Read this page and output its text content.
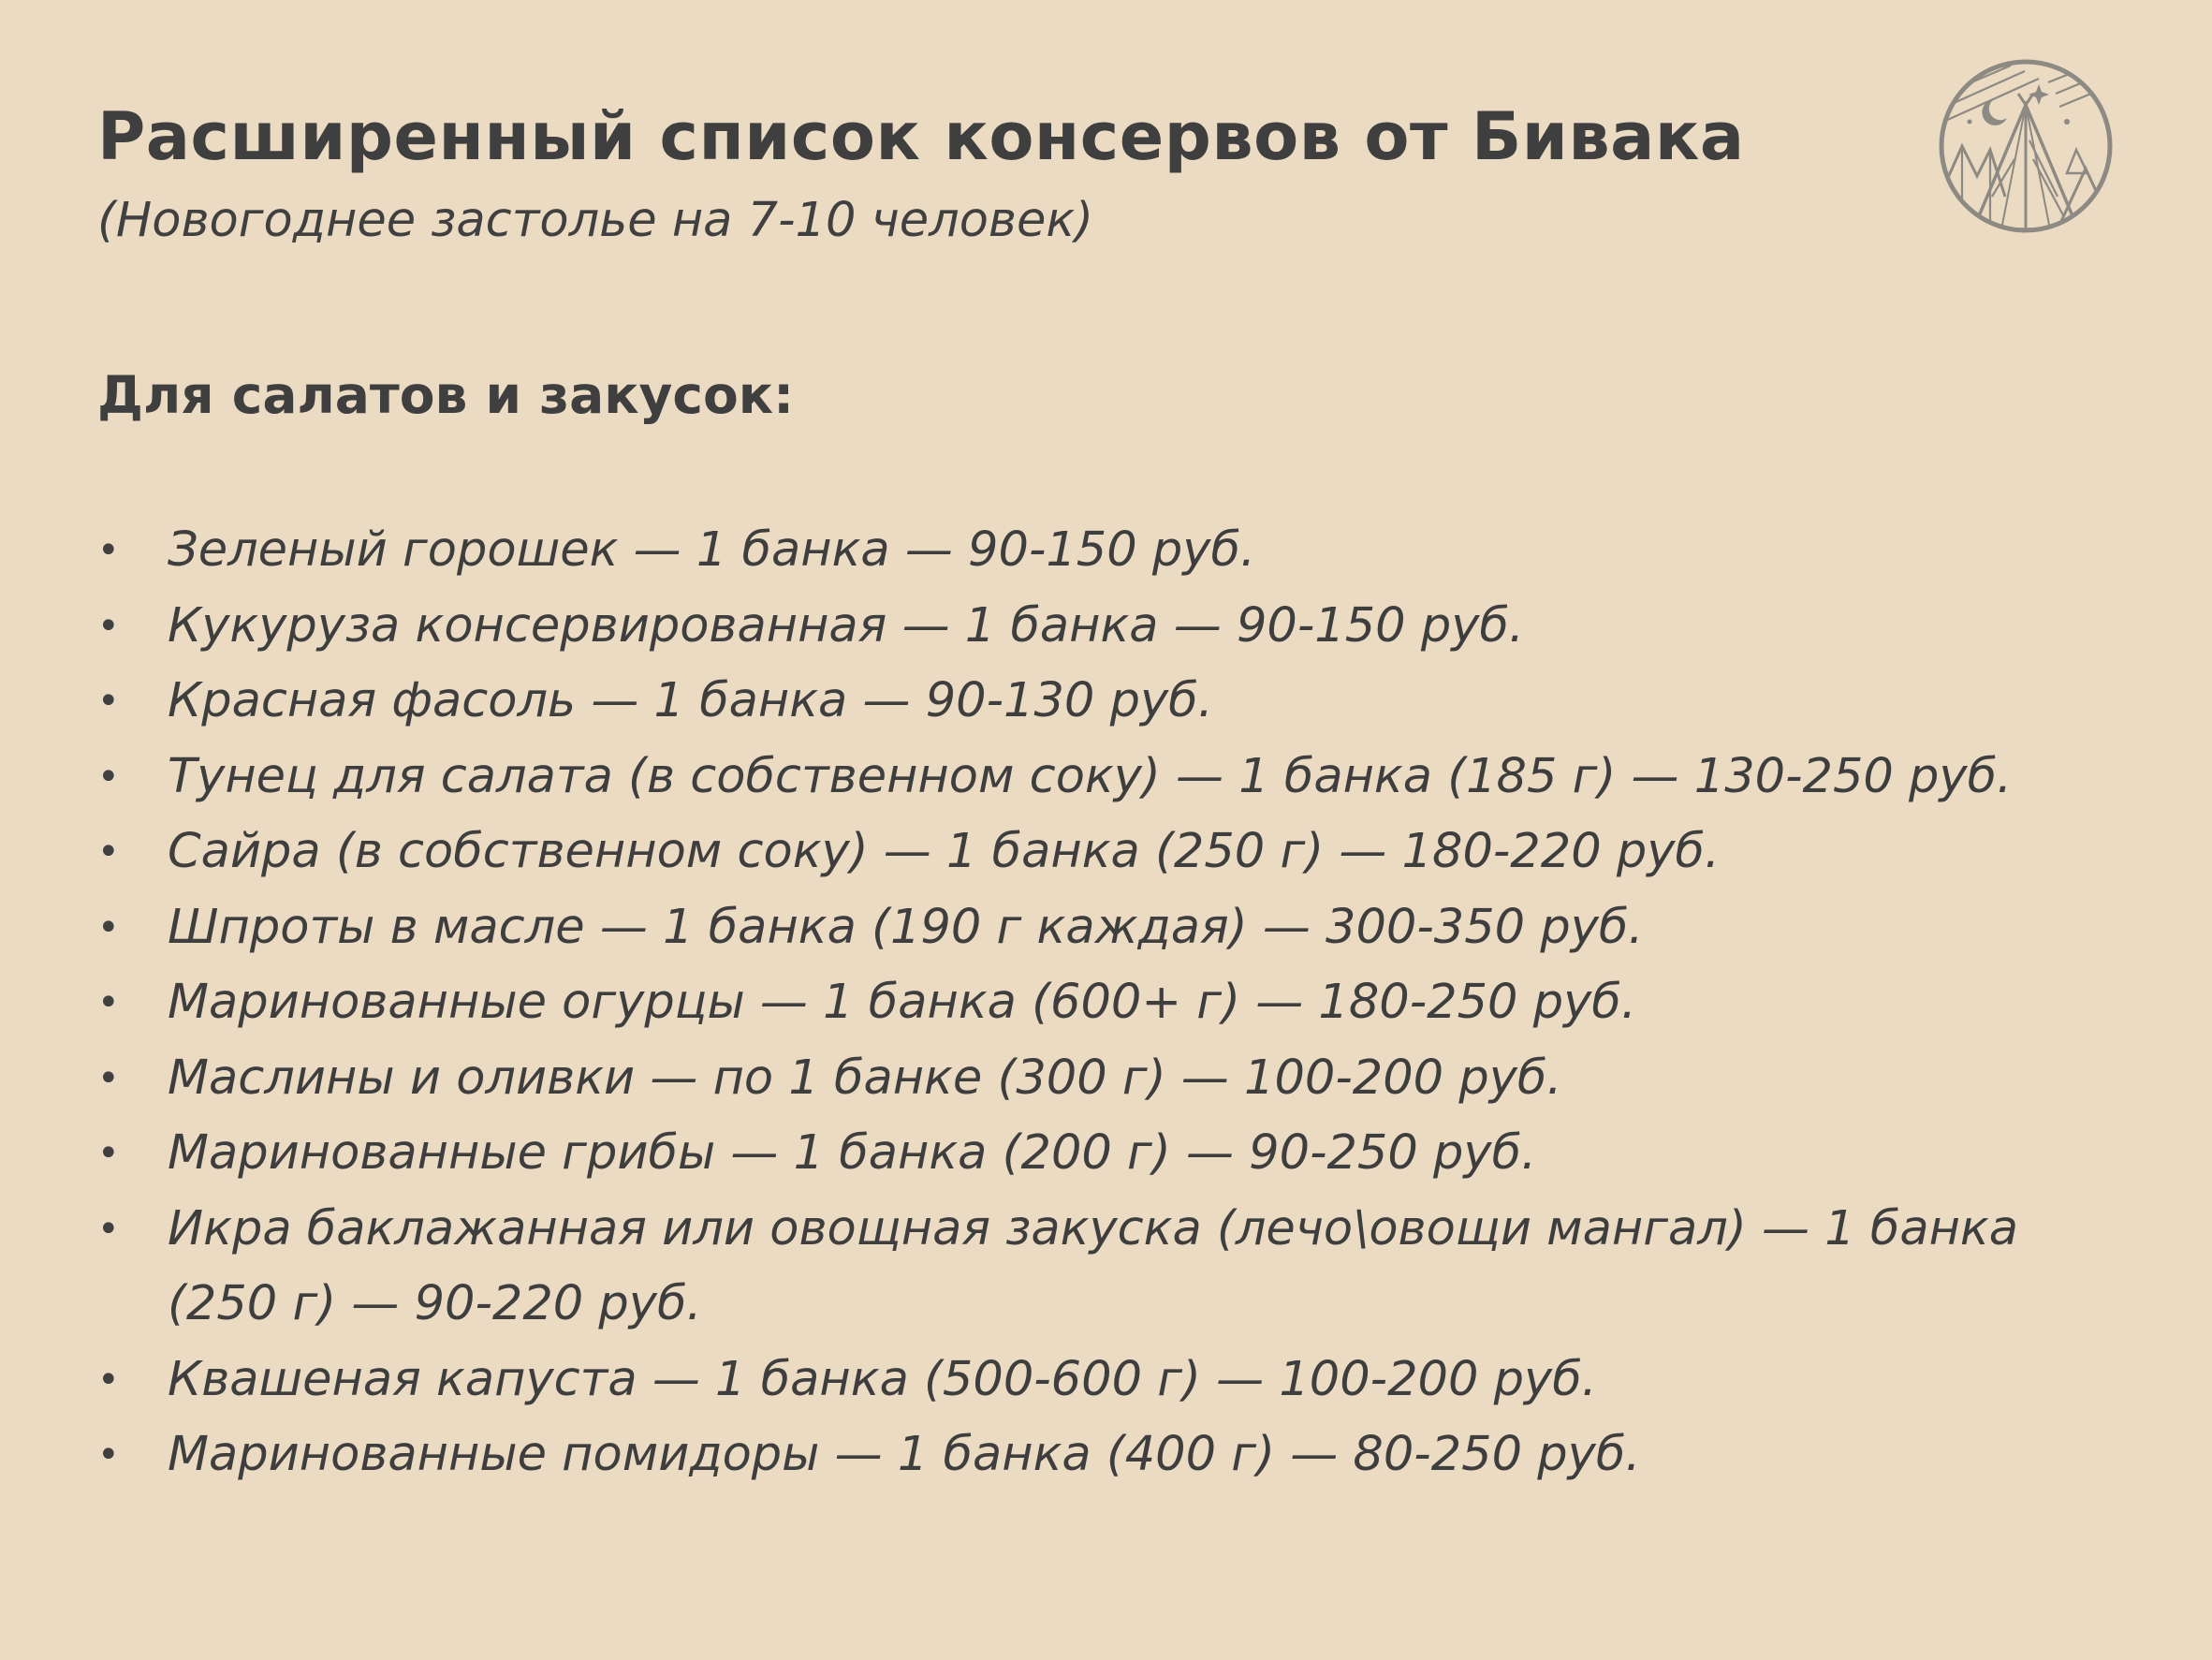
Расширенный список консервов от Бивака
(Новогоднее застолье на 7-10 человек)
Для салатов и закусок:
•	Зеленый горошек — 1 банка — 90-150 руб.
•	Кукуруза консервированная — 1 банка — 90-150 руб.
•	Красная фасоль — 1 банка — 90-130 руб.
•	Тунец для салата (в собственном соку) — 1 банка (185 г) — 130-250 руб.
•	Сайра (в собственном соку) — 1 банка (250 г) — 180-220 руб.
•	Шпроты в масле — 1 банка (190 г каждая) — 300-350 руб.
•	Маринованные огурцы — 1 банка (600+ г) — 180-250 руб.
•	Маслины и оливки — по 1 банке (300 г) — 100-200 руб.
•	Маринованные грибы — 1 банка (200 г) — 90-250 руб.
•	Икра баклажанная или овощная закуска (лечо\овощи мангал) — 1 банка (250 г) — 90-220 руб.
•	Квашеная капуста — 1 банка (500-600 г) — 100-200 руб.
•	Маринованные помидоры — 1 банка (400 г) — 80-250 руб.
